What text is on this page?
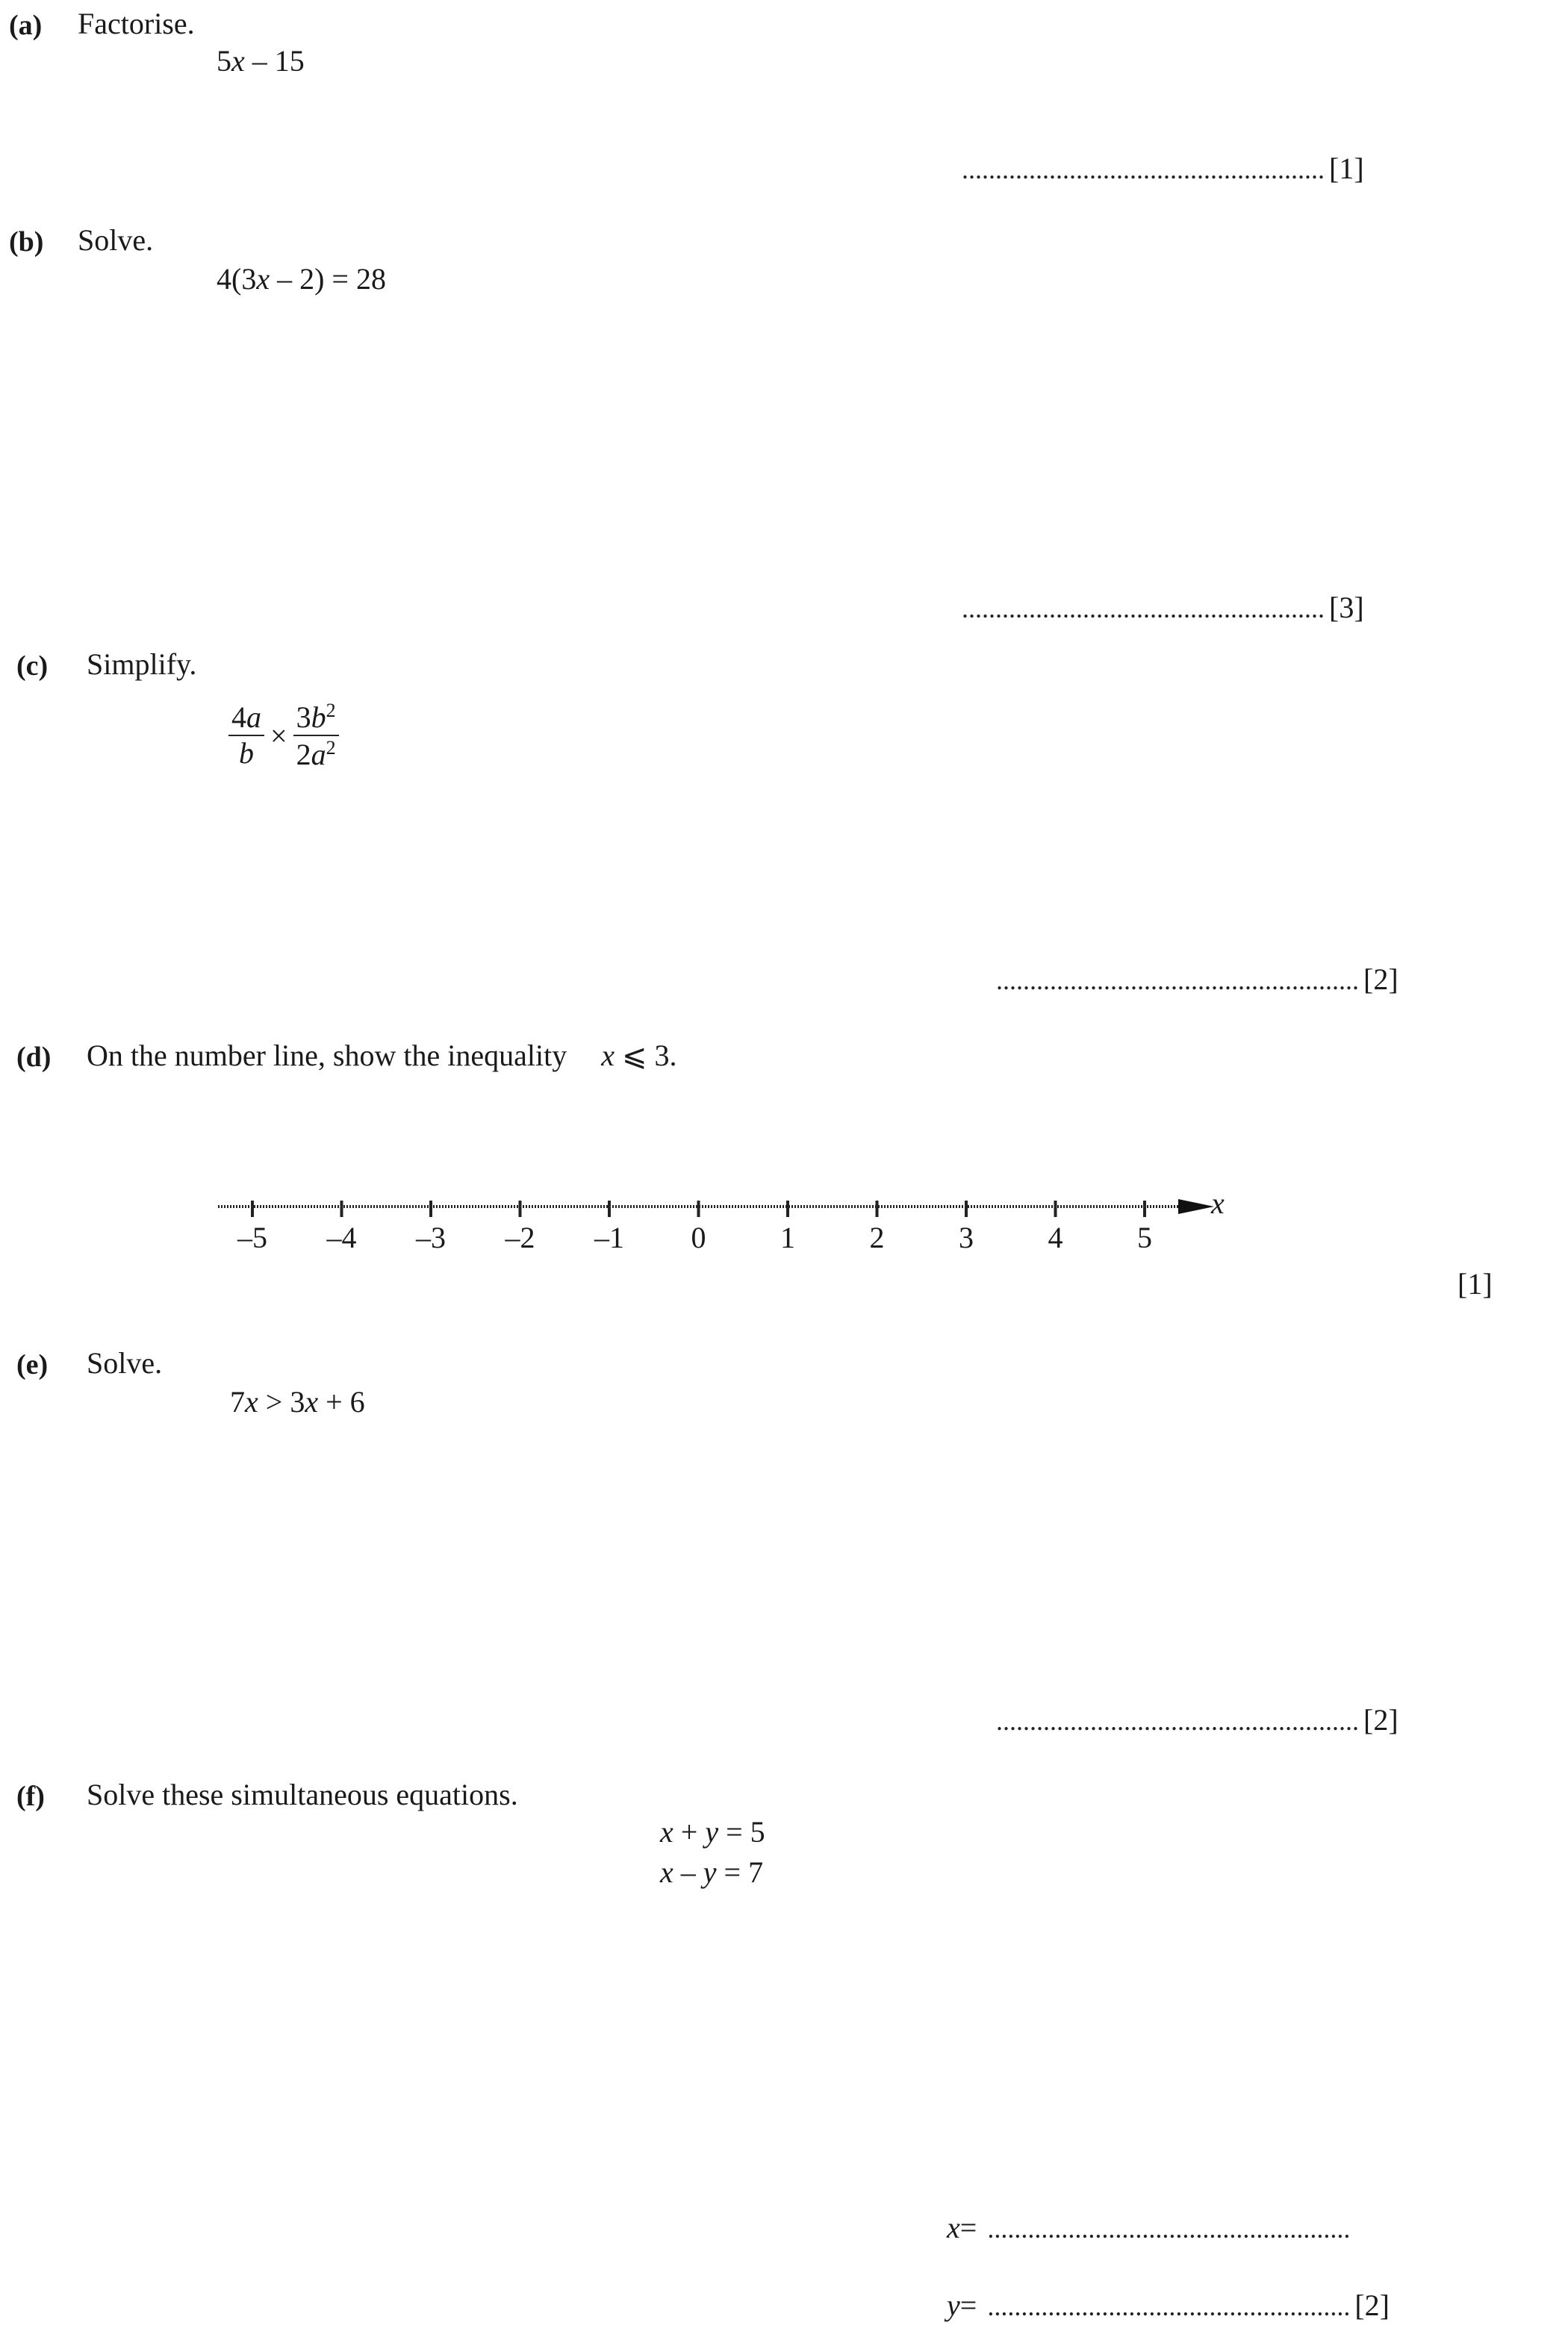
(a) Factorise.
5x – 15
...................................................... [1]
(b) Solve.
4(3x – 2) = 28
...................................................... [3]
(c) Simplify.
$\frac{4a}{b} \times \frac{3b^2}{2a^2}$
...................................................... [2]
(d) On the number line, show the inequality x ⩽ 3.
x
–5 –4 –3 –2 –1 0 1 2 3 4 5
[1]
(e) Solve.
7x > 3x + 6
...................................................... [2]
(f) Solve these simultaneous equations.
x + y = 5
x – y = 7
x = ......................................................
y = ...................................................... [2]
